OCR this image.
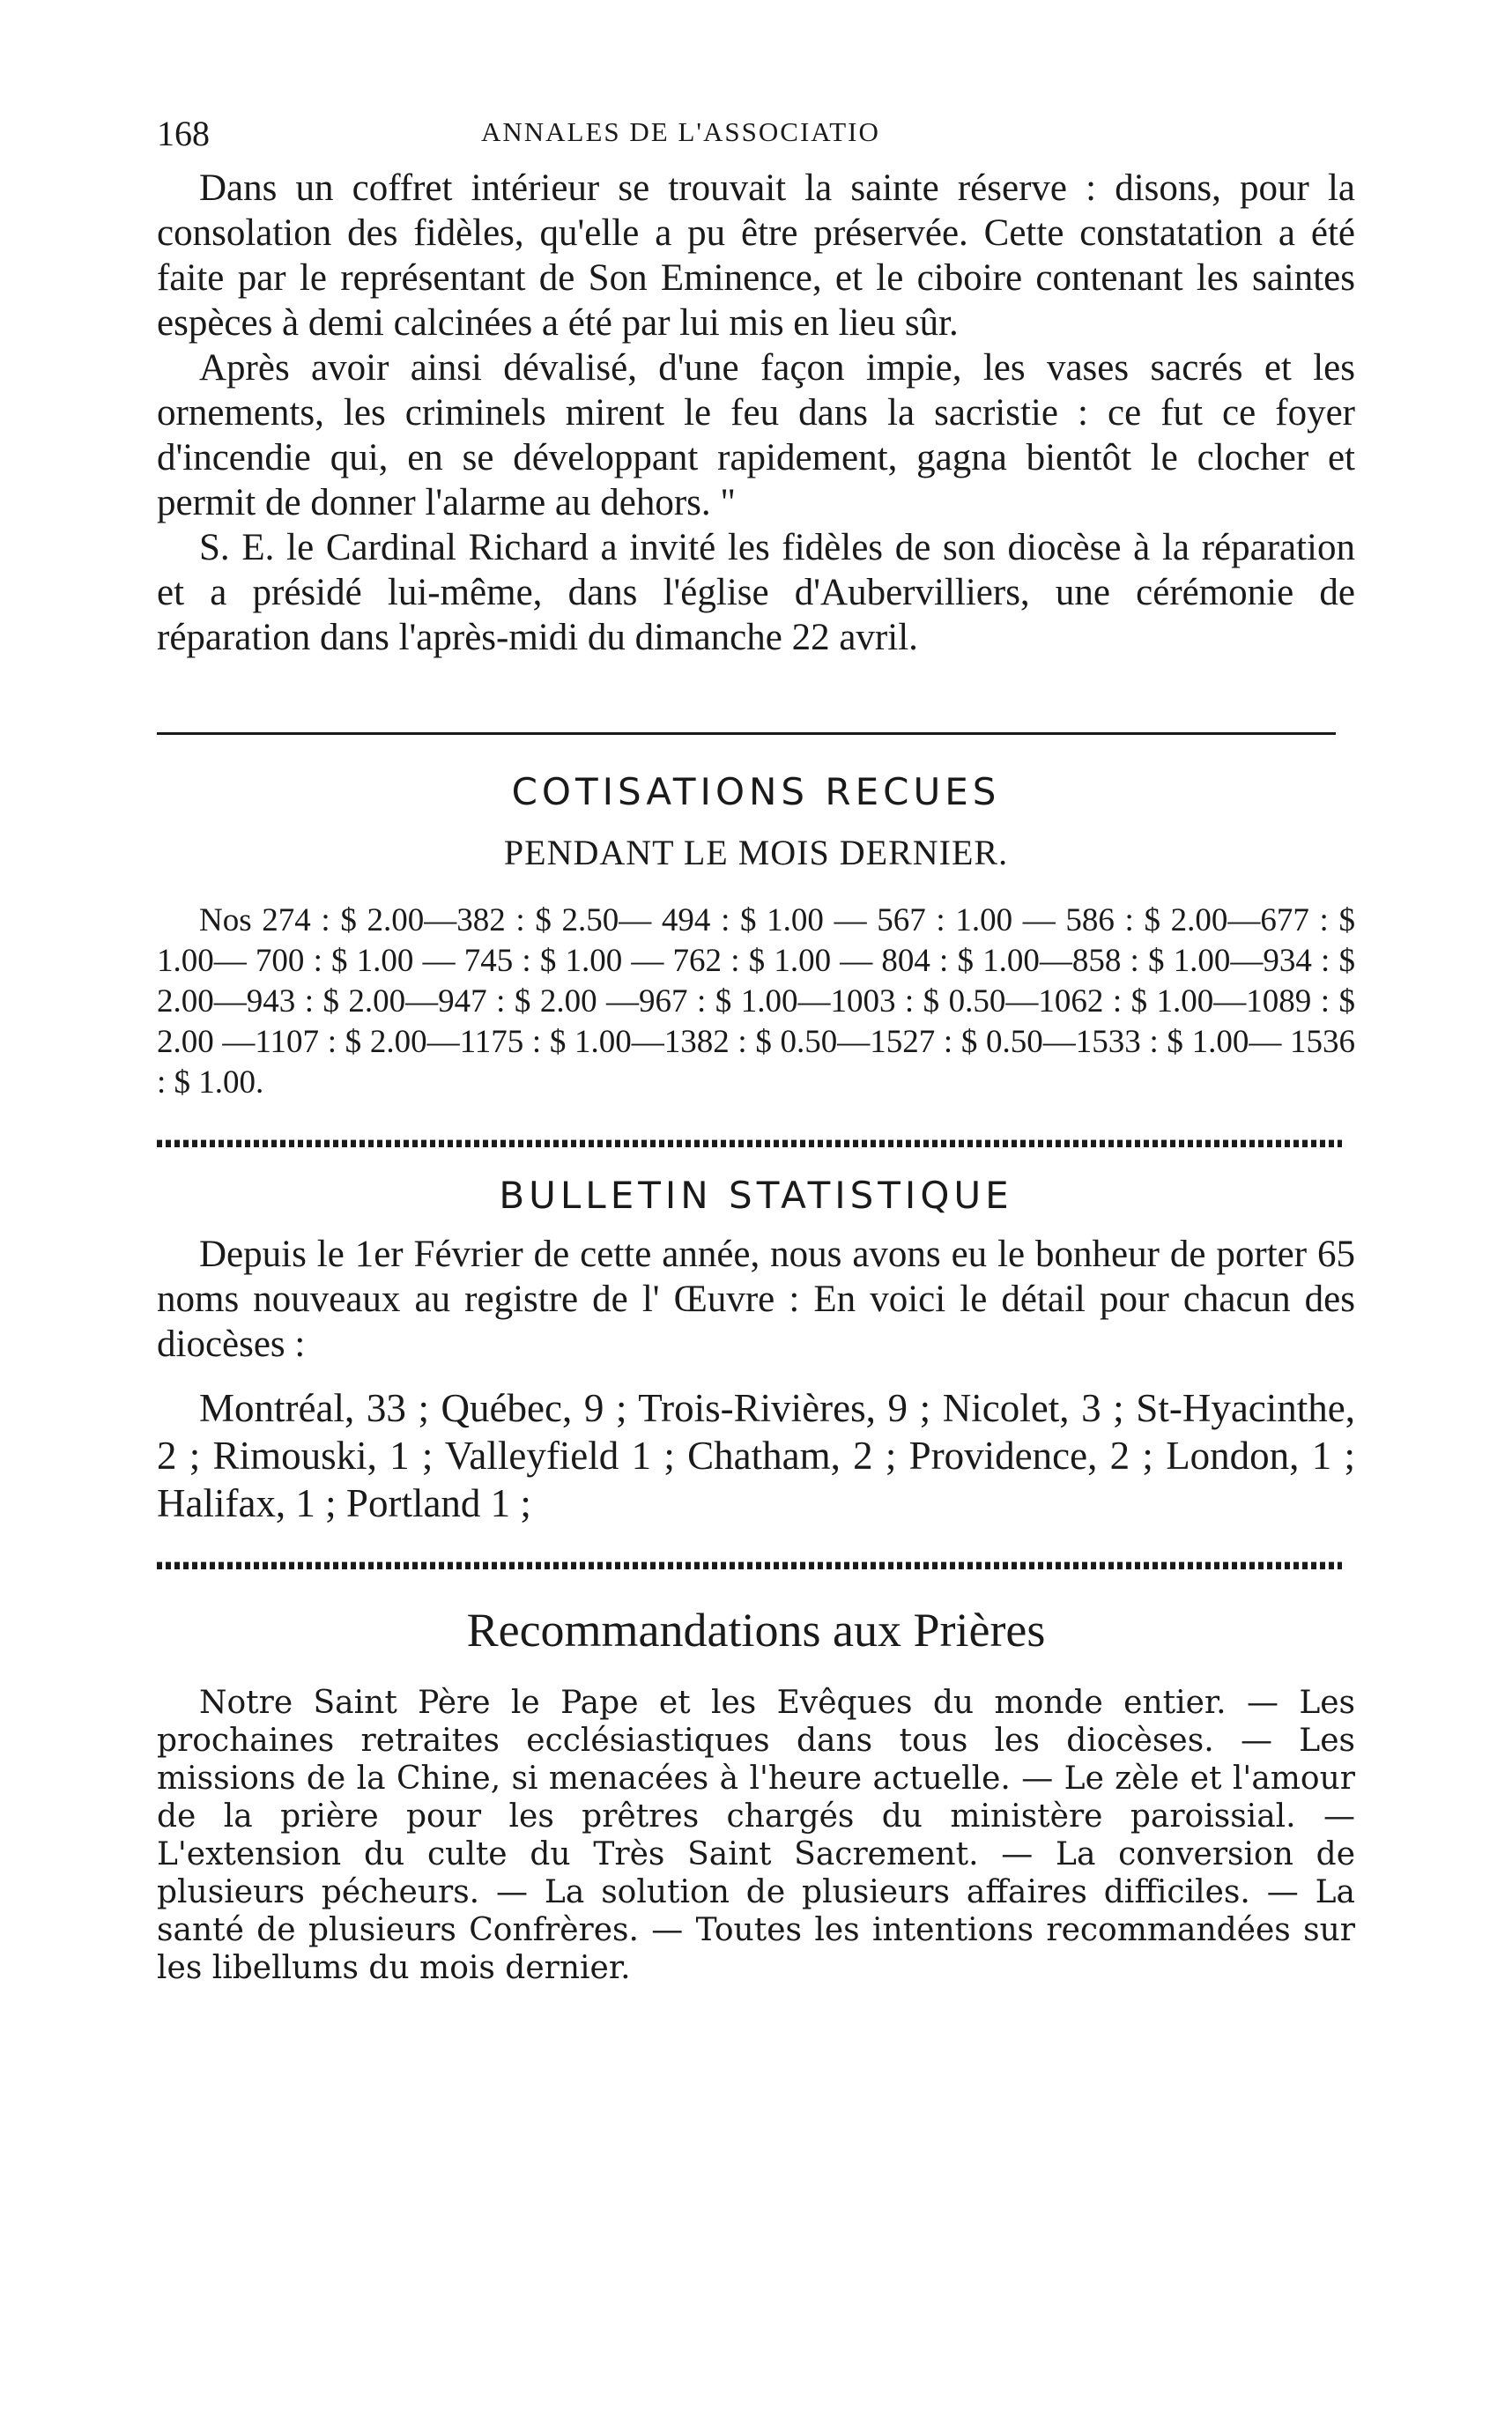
168	ANNALES DE L'ASSOCIATIO

Dans un coffret intérieur se trouvait la sainte réserve : disons, pour la consolation des fidèles, qu'elle a pu être préservée. Cette constatation a été faite par le représentant de Son Eminence, et le ciboire contenant les saintes espèces à demi calcinées a été par lui mis en lieu sûr.

Après avoir ainsi dévalisé, d'une façon impie, les vases sacrés et les ornements, les criminels mirent le feu dans la sacristie : ce fut ce foyer d'incendie qui, en se développant rapidement, gagna bientôt le clocher et permit de donner l'alarme au dehors. "

S. E. le Cardinal Richard a invité les fidèles de son diocèse à la réparation et a présidé lui-même, dans l'église d'Aubervilliers, une cérémonie de réparation dans l'après-midi du dimanche 22 avril.

COTISATIONS RECUES
PENDANT LE MOIS DERNIER.

Nos 274 : $ 2.00—382 : $ 2.50— 494 : $ 1.00 — 567 : 1.00 — 586 : $ 2.00—677 : $ 1.00— 700 : $ 1.00 — 745 : $ 1.00 — 762 : $ 1.00 — 804 : $ 1.00—858 : $ 1.00—934 : $ 2.00—943 : $ 2.00—947 : $ 2.00 —967 : $ 1.00—1003 : $ 0.50—1062 : $ 1.00—1089 : $ 2.00 —1107 : $ 2.00—1175 : $ 1.00—1382 : $ 0.50—1527 : $ 0.50—1533 : $ 1.00— 1536 : $ 1.00.

BULLETIN STATISTIQUE

Depuis le 1er Février de cette année, nous avons eu le bonheur de porter 65 noms nouveaux au registre de l' Œuvre : En voici le détail pour chacun des diocèses :

Montréal, 33 ; Québec, 9 ; Trois-Rivières, 9 ; Nicolet, 3 ; St-Hyacinthe, 2 ; Rimouski, 1 ; Valleyfield 1 ; Chatham, 2 ; Providence, 2 ; London, 1 ; Halifax, 1 ; Portland 1 ;

Recommandations aux Prières

Notre Saint Père le Pape et les Evêques du monde entier. — Les prochaines retraites ecclésiastiques dans tous les diocèses. — Les missions de la Chine, si menacées à l'heure actuelle. — Le zèle et l'amour de la prière pour les prêtres chargés du ministère paroissial. — L'extension du culte du Très Saint Sacrement. — La conversion de plusieurs pécheurs. — La solution de plusieurs affaires difficiles. — La santé de plusieurs Confrères. — Toutes les intentions recommandées sur les libellums du mois dernier.
